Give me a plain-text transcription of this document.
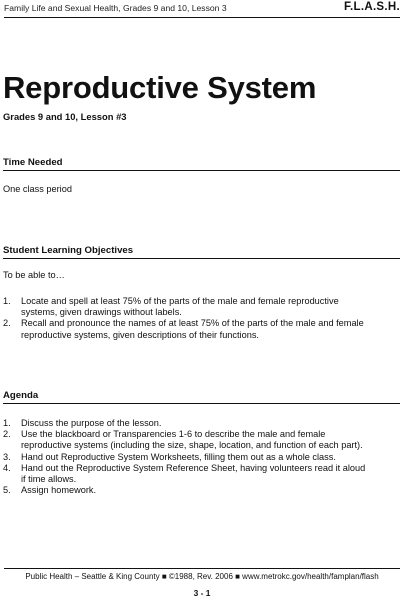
Family Life and Sexual Health, Grades 9 and 10, Lesson 3	F.L.A.S.H.
Reproductive System
Grades 9 and 10, Lesson #3
Time Needed
One class period
Student Learning Objectives
To be able to…
1. Locate and spell at least 75% of the parts of the male and female reproductive
systems, given drawings without labels.
2. Recall and pronounce the names of at least 75% of the parts of the male and female
reproductive systems, given descriptions of their functions.
Agenda
1. Discuss the purpose of the lesson.
2. Use the blackboard or Transparencies 1-6 to describe the male and female
reproductive systems (including the size, shape, location, and function of each part).
3. Hand out Reproductive System Worksheets, filling them out as a whole class.
4. Hand out the Reproductive System Reference Sheet, having volunteers read it aloud
if time allows.
5. Assign homework.
Public Health – Seattle & King County ■ ©1988, Rev. 2006 ■ www.metrokc.gov/health/famplan/flash
3 - 1
